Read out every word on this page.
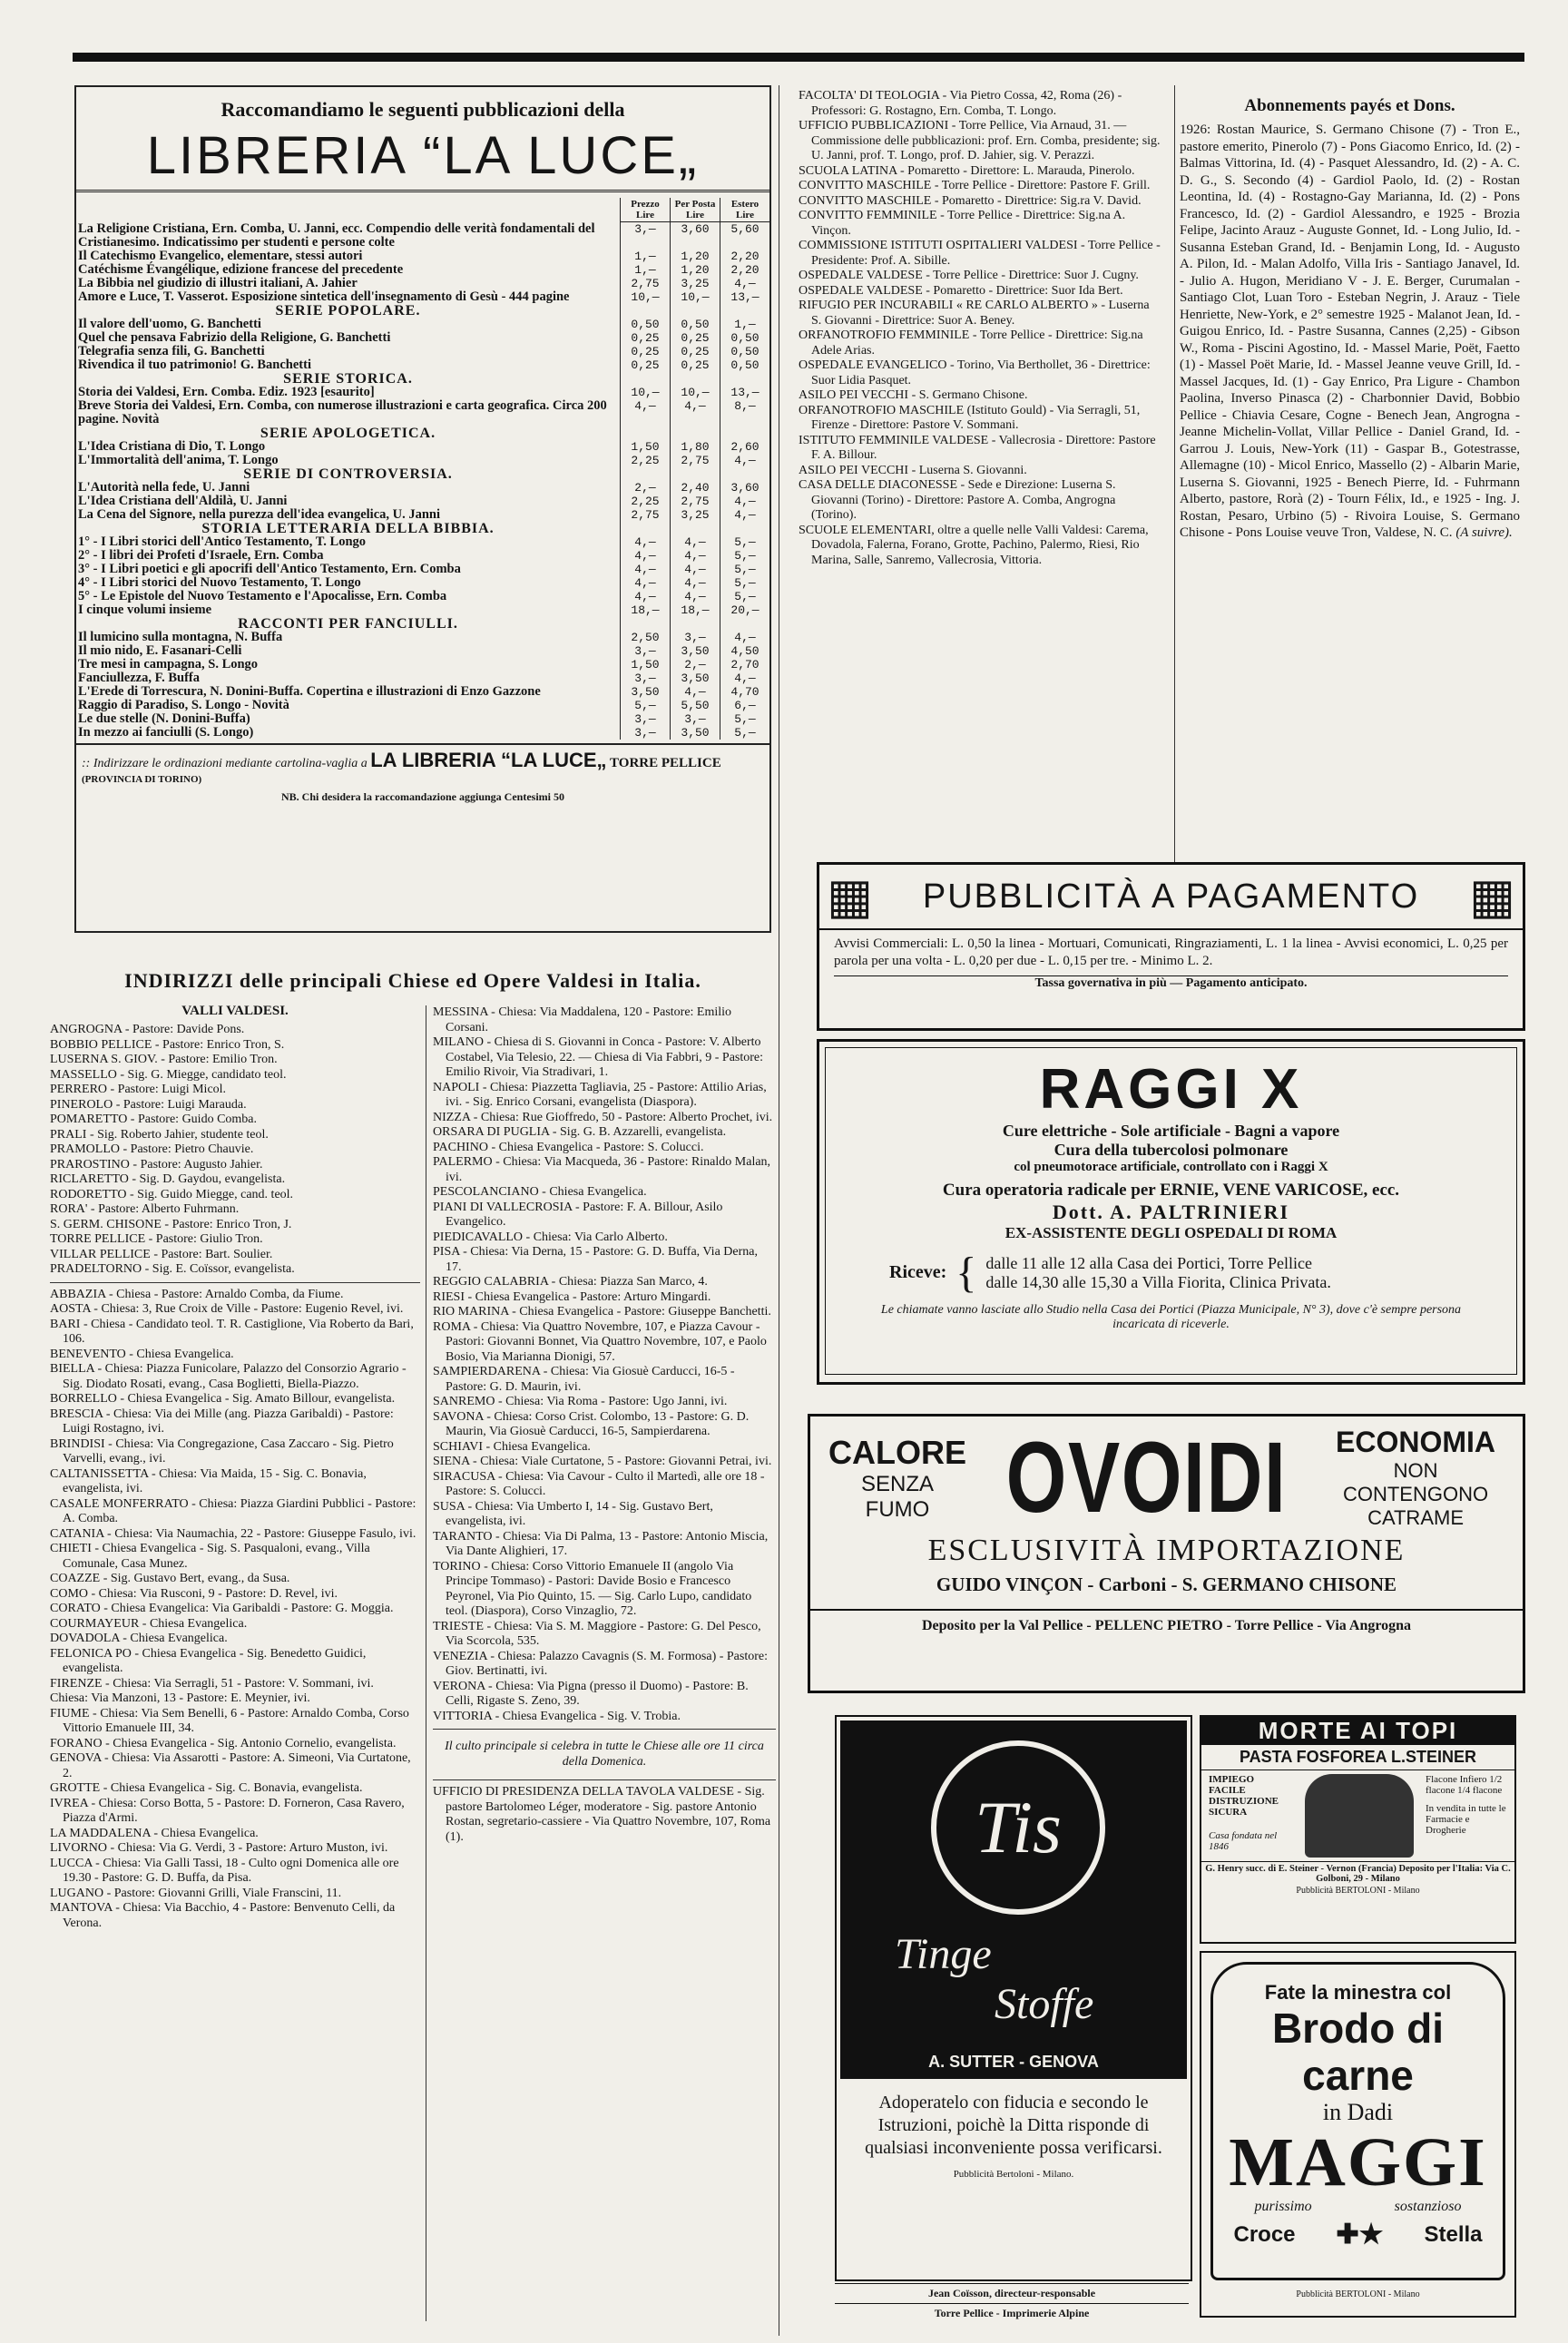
Raccomandiamo le seguenti pubblicazioni della
LIBRERIA “LA LUCE„
	Prezzo Lire	Per Posta Lire	Estero Lire
La Religione Cristiana, Ern. Comba, U. Janni, ecc. Compendio delle verità fondamentali del Cristianesimo. Indicatissimo per studenti e persone colte	3,—	3,60	5,60
Il Catechismo Evangelico, elementare, stessi autori	1,—	1,20	2,20
Catéchisme Évangélique, edizione francese del precedente	1,—	1,20	2,20
La Bibbia nel giudizio di illustri italiani, A. Jahier	2,75	3,25	4,—
Amore e Luce, T. Vasserot. Esposizione sintetica dell'insegnamento di Gesù - 444 pagine	10,—	10,—	13,—
SERIE POPOLARE.			
Il valore dell'uomo, G. Banchetti	0,50	0,50	1,—
Quel che pensava Fabrizio della Religione, G. Banchetti	0,25	0,25	0,50
Telegrafia senza fili, G. Banchetti	0,25	0,25	0,50
Rivendica il tuo patrimonio! G. Banchetti	0,25	0,25	0,50
SERIE STORICA.			
Storia dei Valdesi, Ern. Comba. Ediz. 1923 [esaurito]	10,—	10,—	13,—
Breve Storia dei Valdesi, Ern. Comba, con numerose illustrazioni e carta geografica. Circa 200 pagine. Novità	4,—	4,—	8,—
SERIE APOLOGETICA.			
L'Idea Cristiana di Dio, T. Longo	1,50	1,80	2,60
L'Immortalità dell'anima, T. Longo	2,25	2,75	4,—
SERIE DI CONTROVERSIA.			
L'Autorità nella fede, U. Janni	2,—	2,40	3,60
L'Idea Cristiana dell'Aldilà, U. Janni	2,25	2,75	4,—
La Cena del Signore, nella purezza dell'idea evangelica, U. Janni	2,75	3,25	4,—
STORIA LETTERARIA DELLA BIBBIA.			
1° - I Libri storici dell'Antico Testamento, T. Longo	4,—	4,—	5,—
2° - I libri dei Profeti d'Israele, Ern. Comba	4,—	4,—	5,—
3° - I Libri poetici e gli apocrifi dell'Antico Testamento, Ern. Comba	4,—	4,—	5,—
4° - I Libri storici del Nuovo Testamento, T. Longo	4,—	4,—	5,—
5° - Le Epistole del Nuovo Testamento e l'Apocalisse, Ern. Comba	4,—	4,—	5,—
I cinque volumi insieme	18,—	18,—	20,—
RACCONTI PER FANCIULLI.			
Il lumicino sulla montagna, N. Buffa	2,50	3,—	4,—
Il mio nido, E. Fasanari-Celli	3,—	3,50	4,50
Tre mesi in campagna, S. Longo	1,50	2,—	2,70
Fanciullezza, F. Buffa	3,—	3,50	4,—
L'Erede di Torrescura, N. Donini-Buffa. Copertina e illustrazioni di Enzo Gazzone	3,50	4,—	4,70
Raggio di Paradiso, S. Longo - Novità	5,—	5,50	6,—
Le due stelle (N. Donini-Buffa)	3,—	3,—	5,—
In mezzo ai fanciulli (S. Longo)	3,—	3,50	5,—
:: Indirizzare le ordinazioni mediante cartolina-vaglia a LA LIBRERIA “LA LUCE„ TORRE PELLICE (PROVINCIA DI TORINO)
NB. Chi desidera la raccomandazione aggiunga Centesimi 50
INDIRIZZI delle principali Chiese ed Opere Valdesi in Italia.
VALLI VALDESI.

ANGROGNA - Pastore: Davide Pons.

BOBBIO PELLICE - Pastore: Enrico Tron, S.

LUSERNA S. GIOV. - Pastore: Emilio Tron.

MASSELLO - Sig. G. Miegge, candidato teol.

PERRERO - Pastore: Luigi Micol.

PINEROLO - Pastore: Luigi Marauda.

POMARETTO - Pastore: Guido Comba.

PRALI - Sig. Roberto Jahier, studente teol.

PRAMOLLO - Pastore: Pietro Chauvie.

PRAROSTINO - Pastore: Augusto Jahier.

RICLARETTO - Sig. D. Gaydou, evangelista.

RODORETTO - Sig. Guido Miegge, cand. teol.

RORA' - Pastore: Alberto Fuhrmann.

S. GERM. CHISONE - Pastore: Enrico Tron, J.

TORRE PELLICE - Pastore: Giulio Tron.

VILLAR PELLICE - Pastore: Bart. Soulier.

PRADELTORNO - Sig. E. Coïssor, evangelista.

ABBAZIA - Chiesa - Pastore: Arnaldo Comba, da Fiume.

AOSTA - Chiesa: 3, Rue Croix de Ville - Pastore: Eugenio Revel, ivi.

BARI - Chiesa - Candidato teol. T. R. Castiglione, Via Roberto da Bari, 106.

BENEVENTO - Chiesa Evangelica.

BIELLA - Chiesa: Piazza Funicolare, Palazzo del Consorzio Agrario - Sig. Diodato Rosati, evang., Casa Boglietti, Biella-Piazzo.

BORRELLO - Chiesa Evangelica - Sig. Amato Billour, evangelista.

BRESCIA - Chiesa: Via dei Mille (ang. Piazza Garibaldi) - Pastore: Luigi Rostagno, ivi.

BRINDISI - Chiesa: Via Congregazione, Casa Zaccaro - Sig. Pietro Varvelli, evang., ivi.

CALTANISSETTA - Chiesa: Via Maida, 15 - Sig. C. Bonavia, evangelista, ivi.

CASALE MONFERRATO - Chiesa: Piazza Giardini Pubblici - Pastore: A. Comba.

CATANIA - Chiesa: Via Naumachia, 22 - Pastore: Giuseppe Fasulo, ivi.

CHIETI - Chiesa Evangelica - Sig. S. Pasqualoni, evang., Villa Comunale, Casa Munez.

COAZZE - Sig. Gustavo Bert, evang., da Susa.

COMO - Chiesa: Via Rusconi, 9 - Pastore: D. Revel, ivi.

CORATO - Chiesa Evangelica: Via Garibaldi - Pastore: G. Moggia.

COURMAYEUR - Chiesa Evangelica.

DOVADOLA - Chiesa Evangelica.

FELONICA PO - Chiesa Evangelica - Sig. Benedetto Guidici, evangelista.

FIRENZE - Chiesa: Via Serragli, 51 - Pastore: V. Sommani, ivi.

Chiesa: Via Manzoni, 13 - Pastore: E. Meynier, ivi.

FIUME - Chiesa: Via Sem Benelli, 6 - Pastore: Arnaldo Comba, Corso Vittorio Emanuele III, 34.

FORANO - Chiesa Evangelica - Sig. Antonio Cornelio, evangelista.

GENOVA - Chiesa: Via Assarotti - Pastore: A. Simeoni, Via Curtatone, 2.

GROTTE - Chiesa Evangelica - Sig. C. Bonavia, evangelista.

IVREA - Chiesa: Corso Botta, 5 - Pastore: D. Forneron, Casa Ravero, Piazza d'Armi.

LA MADDALENA - Chiesa Evangelica.

LIVORNO - Chiesa: Via G. Verdi, 3 - Pastore: Arturo Muston, ivi.

LUCCA - Chiesa: Via Galli Tassi, 18 - Culto ogni Domenica alle ore 19.30 - Pastore: G. D. Buffa, da Pisa.

LUGANO - Pastore: Giovanni Grilli, Viale Franscini, 11.

MANTOVA - Chiesa: Via Bacchio, 4 - Pastore: Benvenuto Celli, da Verona.

MESSINA - Chiesa: Via Maddalena, 120 - Pastore: Emilio Corsani.

MILANO - Chiesa di S. Giovanni in Conca - Pastore: V. Alberto Costabel, Via Telesio, 22. — Chiesa di Via Fabbri, 9 - Pastore: Emilio Rivoir, Via Stradivari, 1.

NAPOLI - Chiesa: Piazzetta Tagliavia, 25 - Pastore: Attilio Arias, ivi. - Sig. Enrico Corsani, evangelista (Diaspora).

NIZZA - Chiesa: Rue Gioffredo, 50 - Pastore: Alberto Prochet, ivi.

ORSARA DI PUGLIA - Sig. G. B. Azzarelli, evangelista.

PACHINO - Chiesa Evangelica - Pastore: S. Colucci.

PALERMO - Chiesa: Via Macqueda, 36 - Pastore: Rinaldo Malan, ivi.

PESCOLANCIANO - Chiesa Evangelica.

PIANI DI VALLECROSIA - Pastore: F. A. Billour, Asilo Evangelico.

PIEDICAVALLO - Chiesa: Via Carlo Alberto.

PISA - Chiesa: Via Derna, 15 - Pastore: G. D. Buffa, Via Derna, 17.

REGGIO CALABRIA - Chiesa: Piazza San Marco, 4.

RIESI - Chiesa Evangelica - Pastore: Arturo Mingardi.

RIO MARINA - Chiesa Evangelica - Pastore: Giuseppe Banchetti.

ROMA - Chiesa: Via Quattro Novembre, 107, e Piazza Cavour - Pastori: Giovanni Bonnet, Via Quattro Novembre, 107, e Paolo Bosio, Via Marianna Dionigi, 57.

SAMPIERDARENA - Chiesa: Via Giosuè Carducci, 16-5 - Pastore: G. D. Maurin, ivi.

SANREMO - Chiesa: Via Roma - Pastore: Ugo Janni, ivi.

SAVONA - Chiesa: Corso Crist. Colombo, 13 - Pastore: G. D. Maurin, Via Giosuè Carducci, 16-5, Sampierdarena.

SCHIAVI - Chiesa Evangelica.

SIENA - Chiesa: Viale Curtatone, 5 - Pastore: Giovanni Petrai, ivi.

SIRACUSA - Chiesa: Via Cavour - Culto il Martedì, alle ore 18 - Pastore: S. Colucci.

SUSA - Chiesa: Via Umberto I, 14 - Sig. Gustavo Bert, evangelista, ivi.

TARANTO - Chiesa: Via Di Palma, 13 - Pastore: Antonio Miscia, Via Dante Alighieri, 17.

TORINO - Chiesa: Corso Vittorio Emanuele II (angolo Via Principe Tommaso) - Pastori: Davide Bosio e Francesco Peyronel, Via Pio Quinto, 15. — Sig. Carlo Lupo, candidato teol. (Diaspora), Corso Vinzaglio, 72.

TRIESTE - Chiesa: Via S. M. Maggiore - Pastore: G. Del Pesco, Via Scorcola, 535.

VENEZIA - Chiesa: Palazzo Cavagnis (S. M. Formosa) - Pastore: Giov. Bertinatti, ivi.

VERONA - Chiesa: Via Pigna (presso il Duomo) - Pastore: B. Celli, Rigaste S. Zeno, 39.

VITTORIA - Chiesa Evangelica - Sig. V. Trobia.

Il culto principale si celebra in tutte le Chiese alle ore 11 circa della Domenica.

UFFICIO DI PRESIDENZA DELLA TAVOLA VALDESE - Sig. pastore Bartolomeo Léger, moderatore - Sig. pastore Antonio Rostan, segretario-cassiere - Via Quattro Novembre, 107, Roma (1).

FACOLTA' DI TEOLOGIA - Via Pietro Cossa, 42, Roma (26) - Professori: G. Rostagno, Ern. Comba, T. Longo.

UFFICIO PUBBLICAZIONI - Torre Pellice, Via Arnaud, 31. — Commissione delle pubblicazioni: prof. Ern. Comba, presidente; sig. U. Janni, prof. T. Longo, prof. D. Jahier, sig. V. Perazzi.

SCUOLA LATINA - Pomaretto - Direttore: L. Marauda, Pinerolo.

CONVITTO MASCHILE - Torre Pellice - Direttore: Pastore F. Grill.

CONVITTO MASCHILE - Pomaretto - Direttrice: Sig.ra V. David.

CONVITTO FEMMINILE - Torre Pellice - Direttrice: Sig.na A. Vinçon.

COMMISSIONE ISTITUTI OSPITALIERI VALDESI - Torre Pellice - Presidente: Prof. A. Sibille.

OSPEDALE VALDESE - Torre Pellice - Direttrice: Suor J. Cugny.

OSPEDALE VALDESE - Pomaretto - Direttrice: Suor Ida Bert.

RIFUGIO PER INCURABILI « RE CARLO ALBERTO » - Luserna S. Giovanni - Direttrice: Suor A. Beney.

ORFANOTROFIO FEMMINILE - Torre Pellice - Direttrice: Sig.na Adele Arias.

OSPEDALE EVANGELICO - Torino, Via Berthollet, 36 - Direttrice: Suor Lidia Pasquet.

ASILO PEI VECCHI - S. Germano Chisone.

ORFANOTROFIO MASCHILE (Istituto Gould) - Via Serragli, 51, Firenze - Direttore: Pastore V. Sommani.

ISTITUTO FEMMINILE VALDESE - Vallecrosia - Direttore: Pastore F. A. Billour.

ASILO PEI VECCHI - Luserna S. Giovanni.

CASA DELLE DIACONESSE - Sede e Direzione: Luserna S. Giovanni (Torino) - Direttore: Pastore A. Comba, Angrogna (Torino).

SCUOLE ELEMENTARI, oltre a quelle nelle Valli Valdesi: Carema, Dovadola, Falerna, Forano, Grotte, Pachino, Palermo, Riesi, Rio Marina, Salle, Sanremo, Vallecrosia, Vittoria.

Abonnements payés et Dons.
1926: Rostan Maurice, S. Germano Chisone (7) - Tron E., pastore emerito, Pinerolo (7) - Pons Giacomo Enrico, Id. (2) - Balmas Vittorina, Id. (4) - Pasquet Alessandro, Id. (2) - A. C. D. G., S. Secondo (4) - Gardiol Paolo, Id. (2) - Rostan Leontina, Id. (4) - Rostagno-Gay Marianna, Id. (2) - Pons Francesco, Id. (2) - Gardiol Alessandro, e 1925 - Brozia Felipe, Jacinto Arauz - Auguste Gonnet, Id. - Long Julio, Id. - Susanna Esteban Grand, Id. - Benjamin Long, Id. - Augusto A. Pilon, Id. - Malan Adolfo, Villa Iris - Santiago Janavel, Id. - Julio A. Hugon, Meridiano V - J. E. Berger, Curumalan - Santiago Clot, Luan Toro - Esteban Negrin, J. Arauz - Tiele Henriette, New-York, e 2° semestre 1925 - Malanot Jean, Id. - Guigou Enrico, Id. - Pastre Susanna, Cannes (2,25) - Gibson W., Roma - Piscini Agostino, Id. - Massel Marie, Poët, Faetto (1) - Massel Poët Marie, Id. - Massel Jeanne veuve Grill, Id. - Massel Jacques, Id. (1) - Gay Enrico, Pra Ligure - Chambon Paolina, Inverso Pinasca (2) - Charbonnier David, Bobbio Pellice - Chiavia Cesare, Cogne - Benech Jean, Angrogna - Jeanne Michelin-Vollat, Villar Pellice - Daniel Grand, Id. - Garrou J. Louis, New-York (11) - Gaspar B., Gotestrasse, Allemagne (10) - Micol Enrico, Massello (2) - Albarin Marie, Luserna S. Giovanni, 1925 - Benech Pierre, Id. - Fuhrmann Alberto, pastore, Rorà (2) - Tourn Félix, Id., e 1925 - Ing. J. Rostan, Pesaro, Urbino (5) - Rivoira Louise, S. Germano Chisone - Pons Louise veuve Tron, Valdese, N. C. (A suivre).
▦ PUBBLICITÀ A PAGAMENTO ▦
Avvisi Commerciali: L. 0,50 la linea - Mortuari, Comunicati, Ringraziamenti, L. 1 la linea - Avvisi economici, L. 0,25 per parola per una volta - L. 0,20 per due - L. 0,15 per tre. - Minimo L. 2.
Tassa governativa in più — Pagamento anticipato.
RAGGI X
Cure elettriche - Sole artificiale - Bagni a vapore
Cura della tubercolosi polmonare
col pneumotorace artificiale, controllato con i Raggi X
Cura operatoria radicale per ERNIE, VENE VARICOSE, ecc.
Dott. A. PALTRINIERI
EX-ASSISTENTE DEGLI OSPEDALI DI ROMA
Riceve: { dalle 11 alle 12 alla Casa dei Portici, Torre Pellice
dalle 14,30 alle 15,30 a Villa Fiorita, Clinica Privata.
Le chiamate vanno lasciate allo Studio nella Casa dei Portici (Piazza Municipale, N° 3), dove c'è sempre persona incaricata di riceverle.
CALORE
SENZA FUMO OVOIDI	ECONOMIA
NON CONTENGONO
CATRAME
ESCLUSIVITÀ IMPORTAZIONE
GUIDO VINÇON - Carboni - S. GERMANO CHISONE
Deposito per la Val Pellice - PELLENC PIETRO - Torre Pellice - Via Angrogna
Tis
Tinge
Stoffe
A. SUTTER - GENOVA
Adoperatelo con fiducia e secondo le Istruzioni, poichè la Ditta risponde di qualsiasi inconveniente possa verificarsi.
Pubblicità Bertoloni - Milano.
MORTE AI TOPI
PASTA FOSFOREA L.STEINER
IMPIEGO FACILE DISTRUZIONE SICURA
Casa fondata nel 1846
Flacone Infiero 1/2 flacone 1/4 flacone
In vendita in tutte le Farmacie e Drogherie
G. Henry succ. di E. Steiner - Vernon (Francia) Deposito per l'Italia: Via C. Golboni, 29 - Milano
Pubblicità BERTOLONI - Milano
Fate la minestra col
Brodo di carne
in Dadi
MAGGI
purissimo	sostanzioso
Croce ✚★ Stella
Pubblicità BERTOLONI - Milano
Jean Coïsson, directeur-responsable
Torre Pellice - Imprimerie Alpine
